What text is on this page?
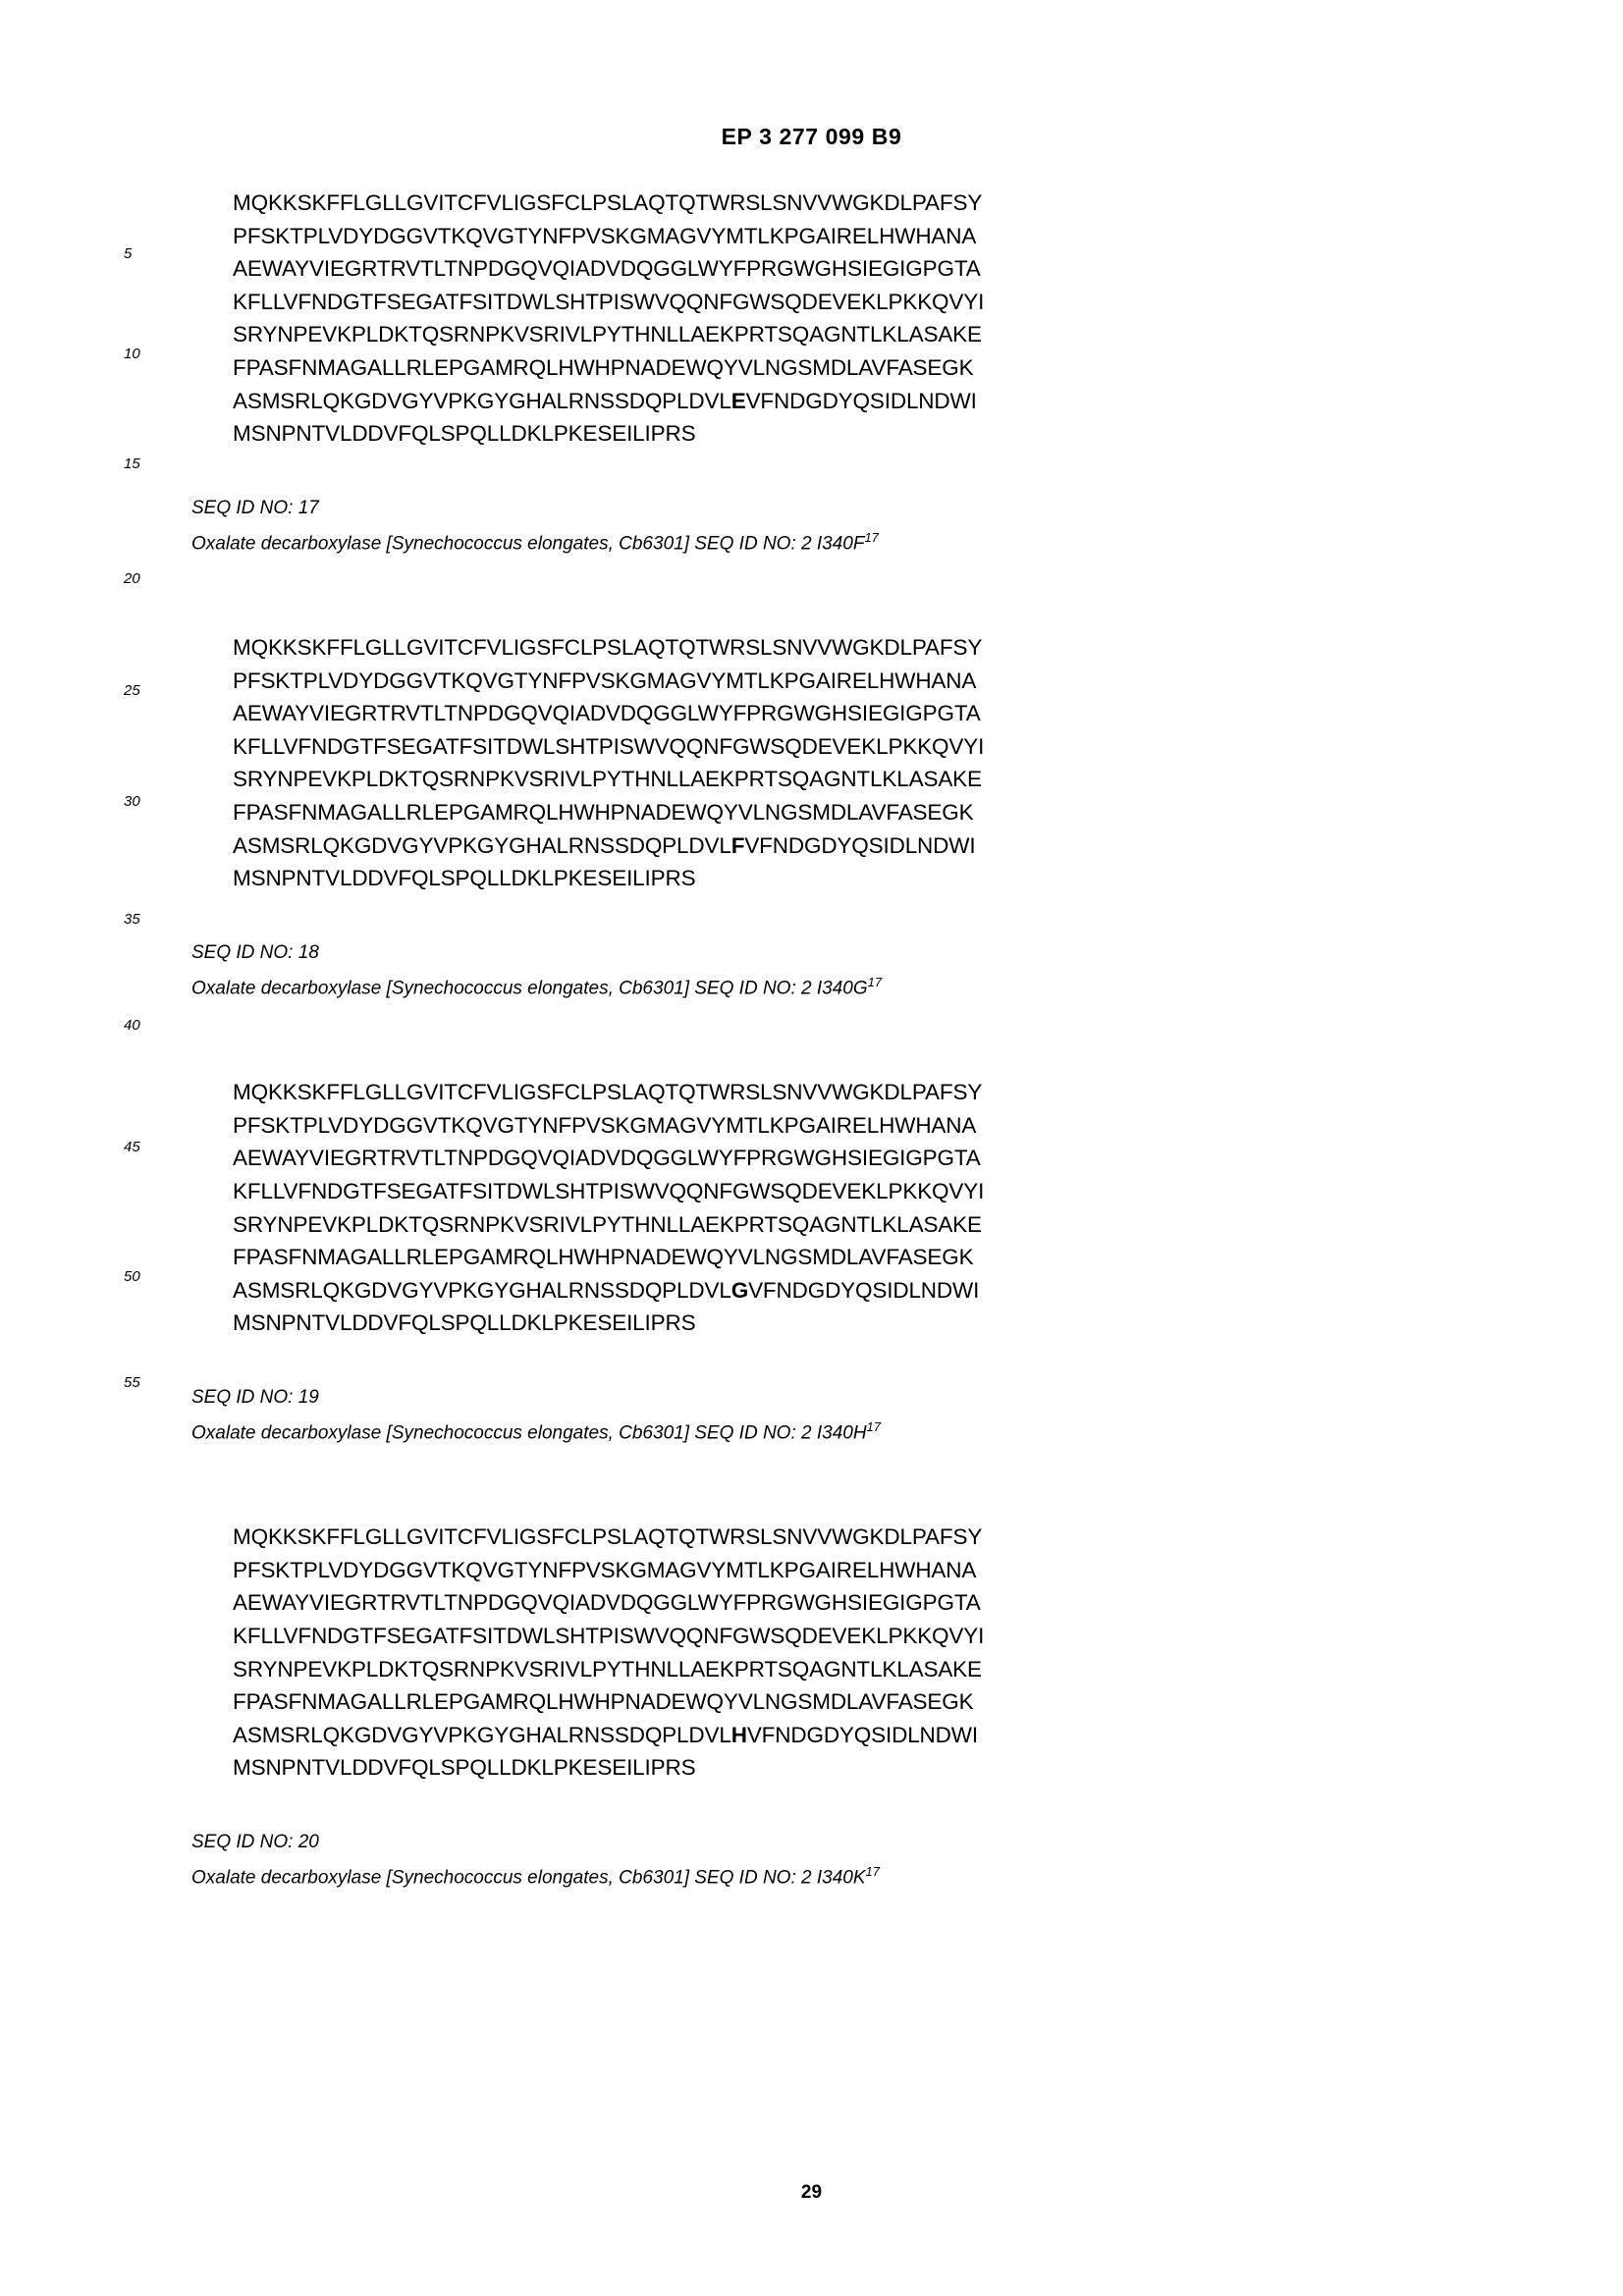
EP 3 277 099 B9
5
10
15
20
25
30
35
40
45
50
55
MQKKSKFFLGLLGVITCFVLIGSFCLPSLAQTQTWRSLSNVVWGKDLPAFSY
PFSKTPLVDYDGGVTKQVGTYNFPVSKGMAGVYMTLKPGAIRELHWHANA
AEWAYVIEGRTRVTLTNPDGQVQIADVDQGGLWYFPRGWGHSIEGIGPGTA
KFLLVFNDGTFSEGATFSITDWLSHTPISWVQQNFGWSQDEVEKLPKKQVYI
SRYNPEVKPLDKTQSRNPKVSRIVLPYTHNLLAEKPRTSQAGNTLKLASAKE
FPASFNMAGALLRLEPGAMRQLHWHPNADEWQYVLNGSMDLAVFASEGK
ASMSRLQKGDVGYVPKGYGHALRNSSDQPLDVLEVFNDGDYQSIDLNDWI
MSNPNTVLDDVFQLSPQLLDKLPKESEILIPRS
SEQ ID NO: 17
Oxalate decarboxylase [Synechococcus elongates, Cb6301] SEQ ID NO: 2 $I340F^{17}$
MQKKSKFFLGLLGVITCFVLIGSFCLPSLAQTQTWRSLSNVVWGKDLPAFSY
PFSKTPLVDYDGGVTKQVGTYNFPVSKGMAGVYMTLKPGAIRELHWHANA
AEWAYVIEGRTRVTLTNPDGQVQIADVDQGGLWYFPRGWGHSIEGIGPGTA
KFLLVFNDGTFSEGATFSITDWLSHTPISWVQQNFGWSQDEVEKLPKKQVYI
SRYNPEVKPLDKTQSRNPKVSRIVLPYTHNLLAEKPRTSQAGNTLKLASAKE
FPASFNMAGALLRLEPGAMRQLHWHPNADEWQYVLNGSMDLAVFASEGK
ASMSRLQKGDVGYVPKGYGHALRNSSDQPLDVLFVFNDGDYQSIDLNDWI
MSNPNTVLDDVFQLSPQLLDKLPKESEILIPRS
SEQ ID NO: 18
Oxalate decarboxylase [Synechococcus elongates, Cb6301] SEQ ID NO: 2 $I340G^{17}$
MQKKSKFFLGLLGVITCFVLIGSFCLPSLAQTQTWRSLSNVVWGKDLPAFSY
PFSKTPLVDYDGGVTKQVGTYNFPVSKGMAGVYMTLKPGAIRELHWHANA
AEWAYVIEGRTRVTLTNPDGQVQIADVDQGGLWYFPRGWGHSIEGIGPGTA
KFLLVFNDGTFSEGATFSITDWLSHTPISWVQQNFGWSQDEVEKLPKKQVYI
SRYNPEVKPLDKTQSRNPKVSRIVLPYTHNLLAEKPRTSQAGNTLKLASAKE
FPASFNMAGALLRLEPGAMRQLHWHPNADEWQYVLNGSMDLAVFASEGK
ASMSRLQKGDVGYVPKGYGHALRNSSDQPLDVLGVFNDGDYQSIDLNDWI
MSNPNTVLDDVFQLSPQLLDKLPKESEILIPRS
SEQ ID NO: 19
Oxalate decarboxylase [Synechococcus elongates, Cb6301] SEQ ID NO: 2 $I340H^{17}$
MQKKSKFFLGLLGVITCFVLIGSFCLPSLAQTQTWRSLSNVVWGKDLPAFSY
PFSKTPLVDYDGGVTKQVGTYNFPVSKGMAGVYMTLKPGAIRELHWHANA
AEWAYVIEGRTRVTLTNPDGQVQIADVDQGGLWYFPRGWGHSIEGIGPGTA
KFLLVFNDGTFSEGATFSITDWLSHTPISWVQQNFGWSQDEVEKLPKKQVYI
SRYNPEVKPLDKTQSRNPKVSRIVLPYTHNLLAEKPRTSQAGNTLKLASAKE
FPASFNMAGALLRLEPGAMRQLHWHPNADEWQYVLNGSMDLAVFASEGK
ASMSRLQKGDVGYVPKGYGHALRNSSDQPLDVLHVFNDGDYQSIDLNDWI
MSNPNTVLDDVFQLSPQLLDKLPKESEILIPRS
SEQ ID NO: 20
Oxalate decarboxylase [Synechococcus elongates, Cb6301] SEQ ID NO: 2 $I340K^{17}$
29
